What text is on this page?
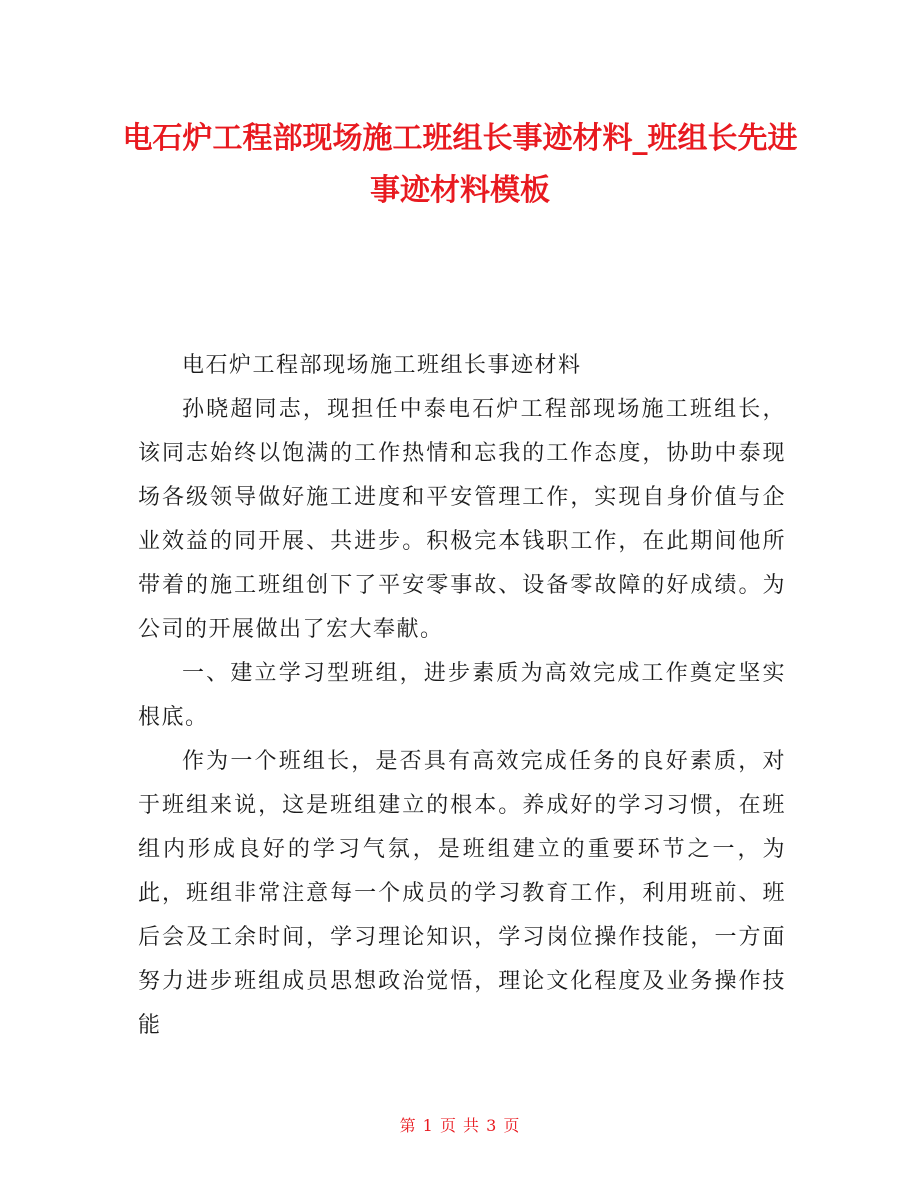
电石炉工程部现场施工班组长事迹材料_班组长先进事迹材料模板

电石炉工程部现场施工班组长事迹材料

孙晓超同志，现担任中泰电石炉工程部现场施工班组长，该同志始终以饱满的工作热情和忘我的工作态度，协助中泰现场各级领导做好施工进度和平安管理工作，实现自身价值与企业效益的同开展、共进步。积极完本钱职工作，在此期间他所带着的施工班组创下了平安零事故、设备零故障的好成绩。为公司的开展做出了宏大奉献。

一、建立学习型班组，进步素质为高效完成工作奠定坚实根底。

作为一个班组长，是否具有高效完成任务的良好素质，对于班组来说，这是班组建立的根本。养成好的学习习惯，在班组内形成良好的学习气氛，是班组建立的重要环节之一，为此，班组非常注意每一个成员的学习教育工作，利用班前、班后会及工余时间，学习理论知识，学习岗位操作技能，一方面努力进步班组成员思想政治觉悟，理论文化程度及业务操作技能

第 1 页 共 3 页
